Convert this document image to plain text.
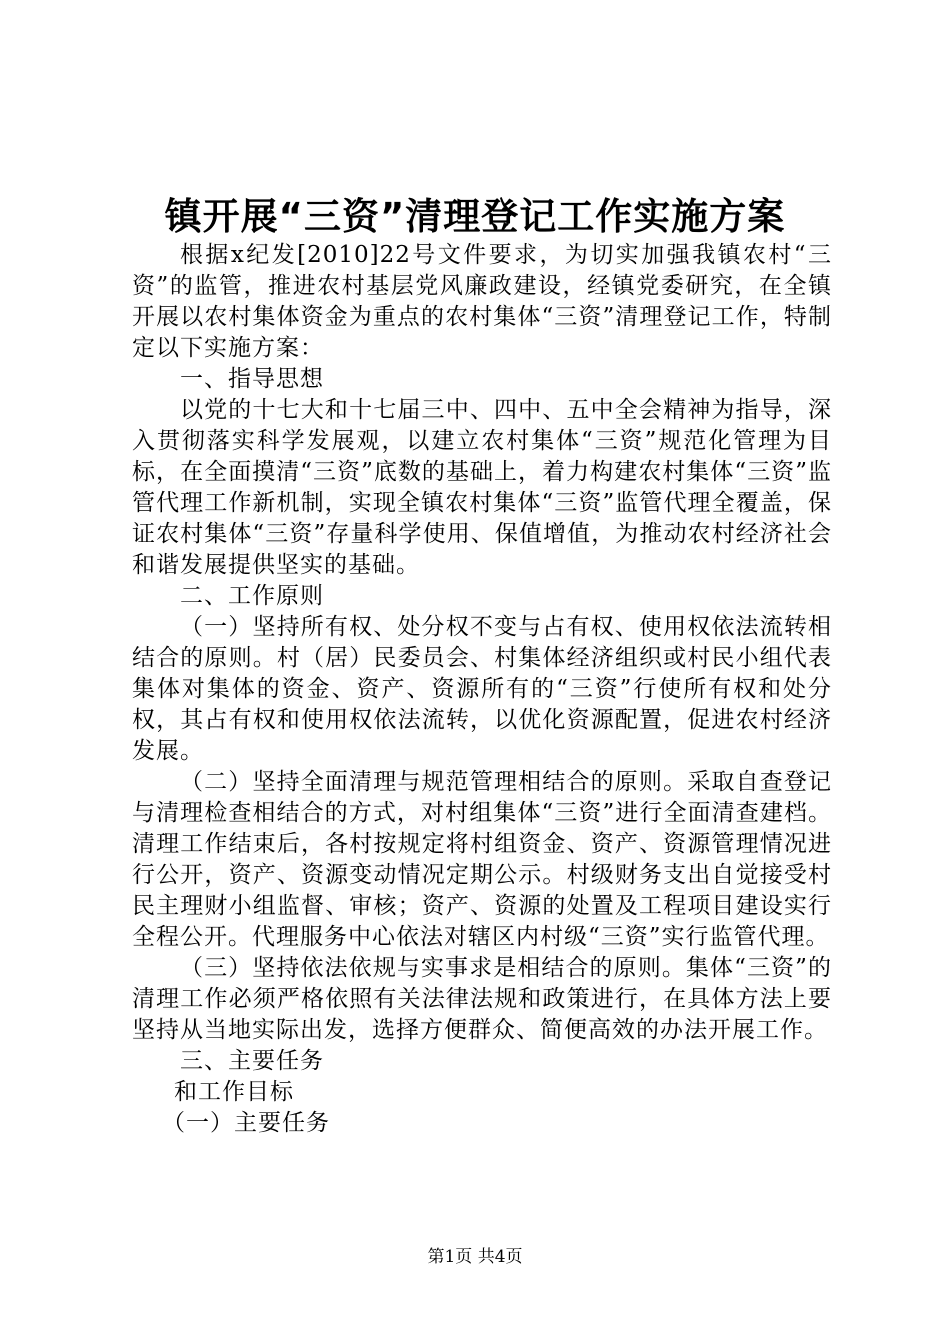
镇开展“三资”清理登记工作实施方案

根据x纪发[2010]22号文件要求，为切实加强我镇农村“三资”的监管，推进农村基层党风廉政建设，经镇党委研究，在全镇开展以农村集体资金为重点的农村集体“三资”清理登记工作，特制定以下实施方案：

一、指导思想

以党的十七大和十七届三中、四中、五中全会精神为指导，深入贯彻落实科学发展观，以建立农村集体“三资”规范化管理为目标，在全面摸清“三资”底数的基础上，着力构建农村集体“三资”监管代理工作新机制，实现全镇农村集体“三资”监管代理全覆盖，保证农村集体“三资”存量科学使用、保值增值，为推动农村经济社会和谐发展提供坚实的基础。

二、工作原则

（一）坚持所有权、处分权不变与占有权、使用权依法流转相结合的原则。村（居）民委员会、村集体经济组织或村民小组代表集体对集体的资金、资产、资源所有的“三资”行使所有权和处分权，其占有权和使用权依法流转，以优化资源配置，促进农村经济发展。

（二）坚持全面清理与规范管理相结合的原则。采取自查登记与清理检查相结合的方式，对村组集体“三资”进行全面清查建档。清理工作结束后，各村按规定将村组资金、资产、资源管理情况进行公开，资产、资源变动情况定期公示。村级财务支出自觉接受村民主理财小组监督、审核；资产、资源的处置及工程项目建设实行全程公开。代理服务中心依法对辖区内村级“三资”实行监管代理。

（三）坚持依法依规与实事求是相结合的原则。集体“三资”的清理工作必须严格依照有关法律法规和政策进行，在具体方法上要坚持从当地实际出发，选择方便群众、简便高效的办法开展工作。

三、主要任务

和工作目标

（一）主要任务

第1页 共4页
